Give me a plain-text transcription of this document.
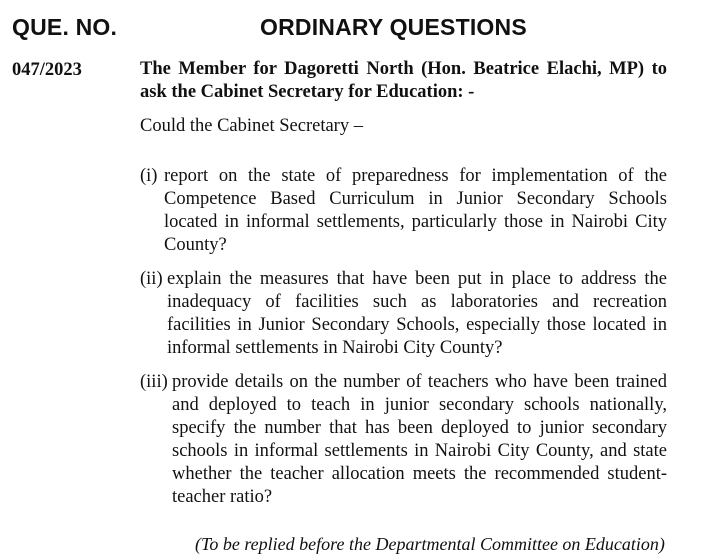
QUE. NO.	ORDINARY QUESTIONS
047/2023	The Member for Dagoretti North (Hon. Beatrice Elachi, MP) to ask the Cabinet Secretary for Education: -

Could the Cabinet Secretary –

(i) report on the state of preparedness for implementation of the Competence Based Curriculum in Junior Secondary Schools located in informal settlements, particularly those in Nairobi City County?
(ii) explain the measures that have been put in place to address the inadequacy of facilities such as laboratories and recreation facilities in Junior Secondary Schools, especially those located in informal settlements in Nairobi City County?
(iii) provide details on the number of teachers who have been trained and deployed to teach in junior secondary schools nationally, specify the number that has been deployed to junior secondary schools in informal settlements in Nairobi City County, and state whether the teacher allocation meets the recommended student-teacher ratio?
(To be replied before the Departmental Committee on Education)
